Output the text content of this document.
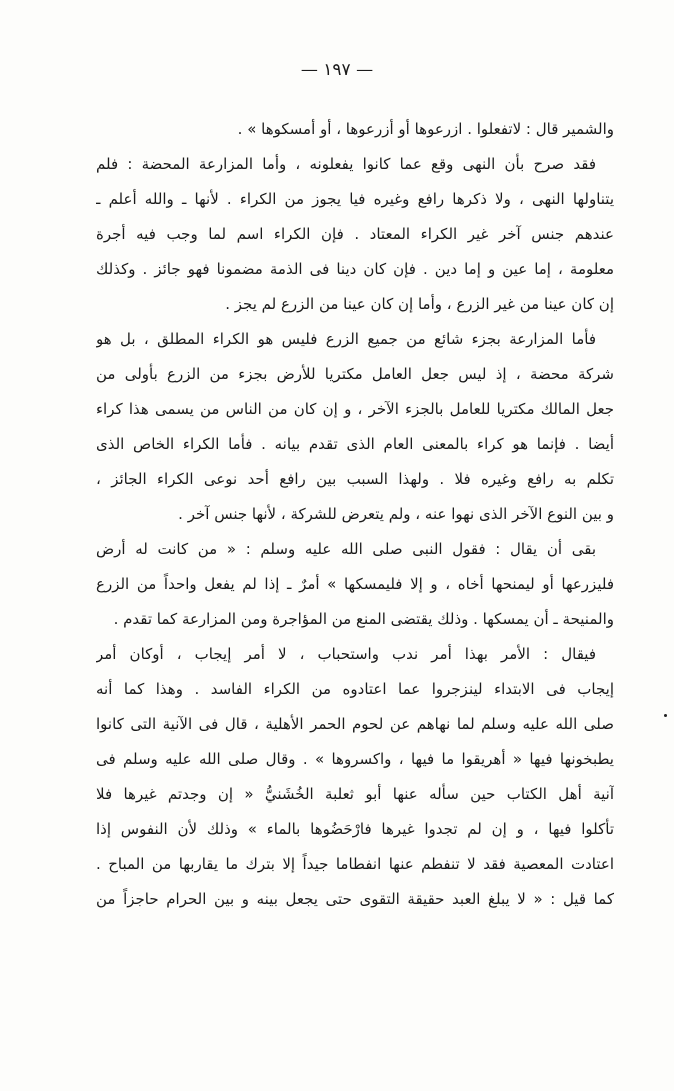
— ١٩٧ —
والشمير قال : لاتفعلوا . ازرعوها أو أزرعوها ، أو أمسكوها » .
فقد صرح بأن النهى وقع عما كانوا يفعلونه ، وأما المزارعة المحضة : فلم
يتناولها النهى ، ولا ذكرها رافع وغيره فيا يجوز من الكراء . لأنها ـ والله أعلم ـ
عندهم جنس آخر غير الكراء المعتاد . فإن الكراء اسم لما وجب فيه أجرة
معلومة ، إما عين و إما دين . فإن كان دينا فى الذمة مضمونا فهو جائز . وكذلك
إن كان عينا من غير الزرع ، وأما إن كان عينا من الزرع لم يجز .
فأما المزارعة بجزء شائع من جميع الزرع فليس هو الكراء المطلق ، بل هو
شركة محضة ، إذ ليس جعل العامل مكتريا للأرض بجزء من الزرع بأولى من
جعل المالك مكتريا للعامل بالجزء الآخر ، و إن كان من الناس من يسمى هذا كراء
أيضا . فإنما هو كراء بالمعنى العام الذى تقدم بيانه . فأما الكراء الخاص الذى
تكلم به رافع وغيره فلا . ولهذا السبب بين رافع أحد نوعى الكراء الجائز ،
و بين النوع الآخر الذى نهوا عنه ، ولم يتعرض للشركة ، لأنها جنس آخر .
بقى أن يقال : فقول النبى صلى الله عليه وسلم : « من كانت له أرض
فليزرعها أو ليمنحها أخاه ، و إلا فليمسكها » أمرٌ ـ إذا لم يفعل واحداً من الزرع
والمنيحة ـ أن يمسكها . وذلك يقتضى المنع من المؤاجرة ومن المزارعة كما تقدم .
فيقال : الأمر بهذا أمر ندب واستحباب ، لا أمر إيجاب ، أوكان أمر
إيجاب فى الابتداء لينزجروا عما اعتادوه من الكراء الفاسد . وهذا كما أنه
صلى الله عليه وسلم لما نهاهم عن لحوم الحمر الأهلية ، قال فى الآنية التى كانوا
يطبخونها فيها « أهريقوا ما فيها ، واكسروها » . وقال صلى الله عليه وسلم فى
آنية أهل الكتاب حين سأله عنها أبو ثعلبة الخُشَنيُّ « إن وجدتم غيرها فلا
تأكلوا فيها ، و إن لم تجدوا غيرها فارْحَضُوها بالماء » وذلك لأن النفوس إذا
اعتادت المعصية فقد لا تنفطم عنها انفطاما جيداً إلا بترك ما يقاربها من المباح .
كما قيل : « لا يبلغ العبد حقيقة التقوى حتى يجعل بينه و بين الحرام حاجزاً من
